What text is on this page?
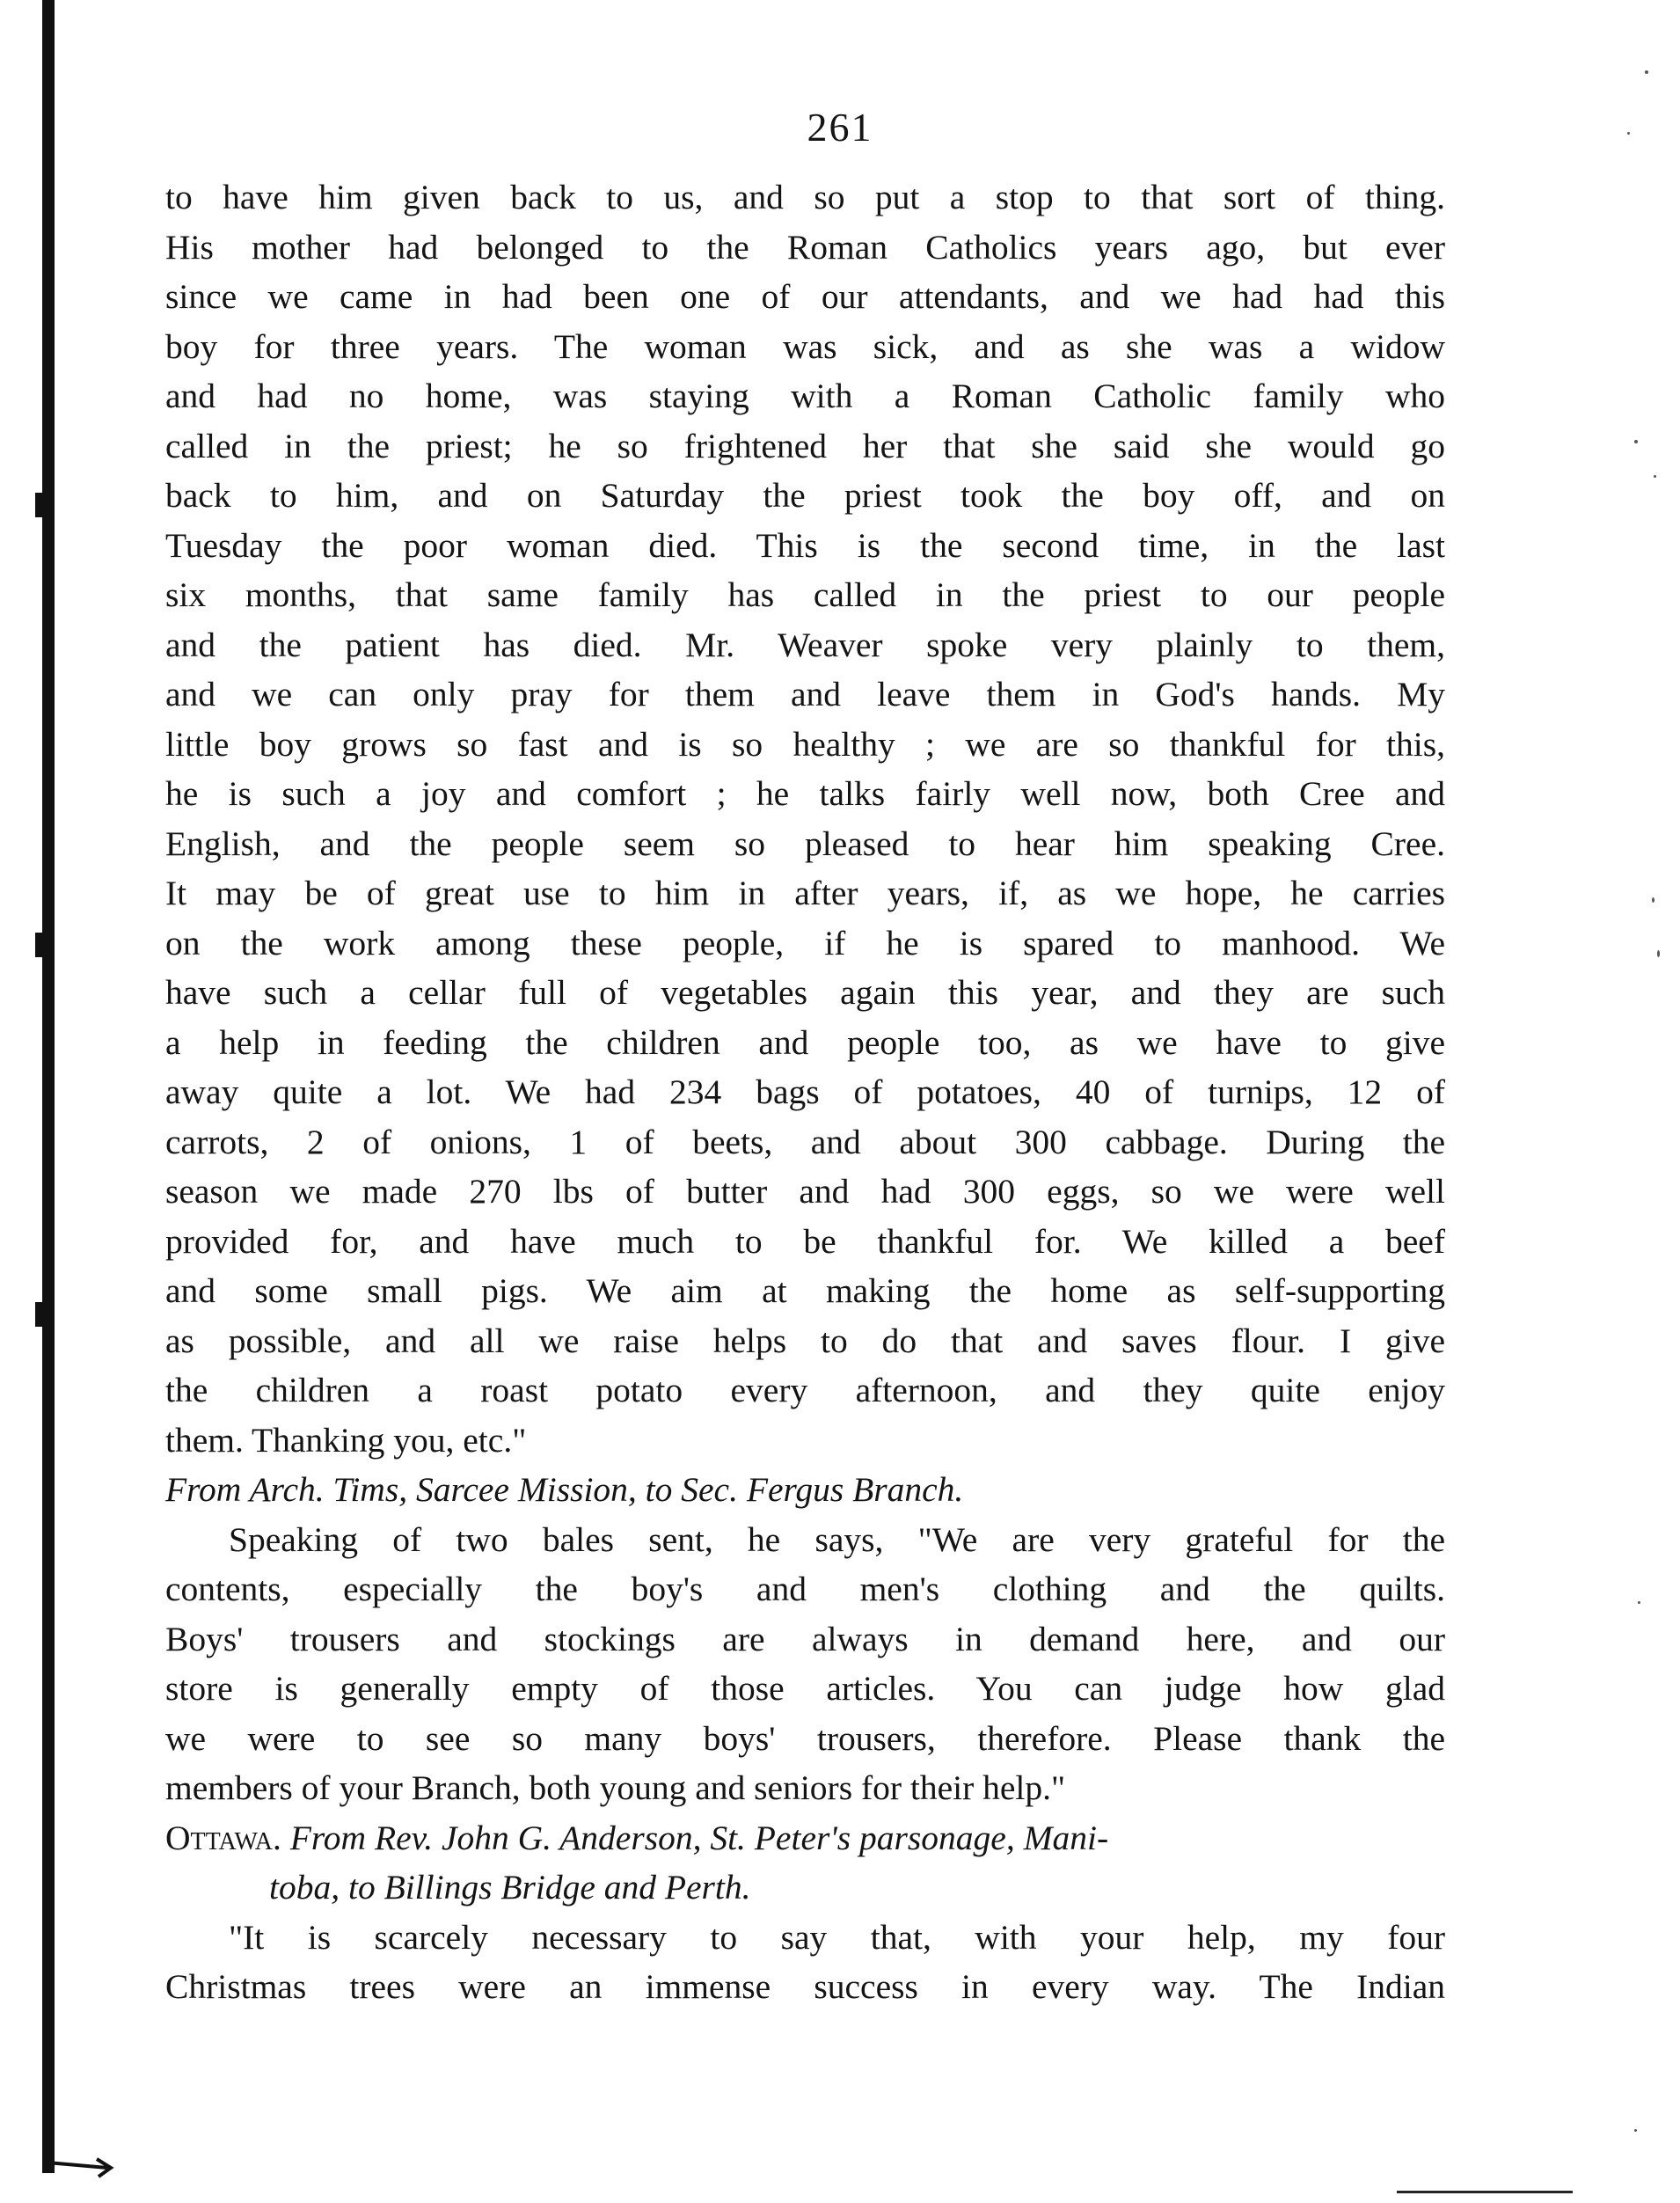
261
to have him given back to us, and so put a stop to that sort of thing.
His mother had belonged to the Roman Catholics years ago, but ever
since we came in had been one of our attendants, and we had had this
boy for three years. The woman was sick, and as she was a widow
and had no home, was staying with a Roman Catholic family who
called in the priest; he so frightened her that she said she would go
back to him, and on Saturday the priest took the boy off, and on
Tuesday the poor woman died. This is the second time, in the last
six months, that same family has called in the priest to our people
and the patient has died. Mr. Weaver spoke very plainly to them,
and we can only pray for them and leave them in God's hands. My
little boy grows so fast and is so healthy ; we are so thankful for this,
he is such a joy and comfort ; he talks fairly well now, both Cree and
English, and the people seem so pleased to hear him speaking Cree.
It may be of great use to him in after years, if, as we hope, he carries
on the work among these people, if he is spared to manhood. We
have such a cellar full of vegetables again this year, and they are such
a help in feeding the children and people too, as we have to give
away quite a lot. We had 234 bags of potatoes, 40 of turnips, 12 of
carrots, 2 of onions, 1 of beets, and about 300 cabbage. During the
season we made 270 lbs of butter and had 300 eggs, so we were well
provided for, and have much to be thankful for. We killed a beef
and some small pigs. We aim at making the home as self-supporting
as possible, and all we raise helps to do that and saves flour. I give
the children a roast potato every afternoon, and they quite enjoy
them. Thanking you, etc."
From Arch. Tims, Sarcee Mission, to Sec. Fergus Branch.
Speaking of two bales sent, he says, "We are very grateful for the
contents, especially the boy's and men's clothing and the quilts.
Boys' trousers and stockings are always in demand here, and our
store is generally empty of those articles. You can judge how glad
we were to see so many boys' trousers, therefore. Please thank the
members of your Branch, both young and seniors for their help."
Ottawa. From Rev. John G. Anderson, St. Peter's parsonage, Mani-
toba, to Billings Bridge and Perth.
"It is scarcely necessary to say that, with your help, my four
Christmas trees were an immense success in every way. The Indian
